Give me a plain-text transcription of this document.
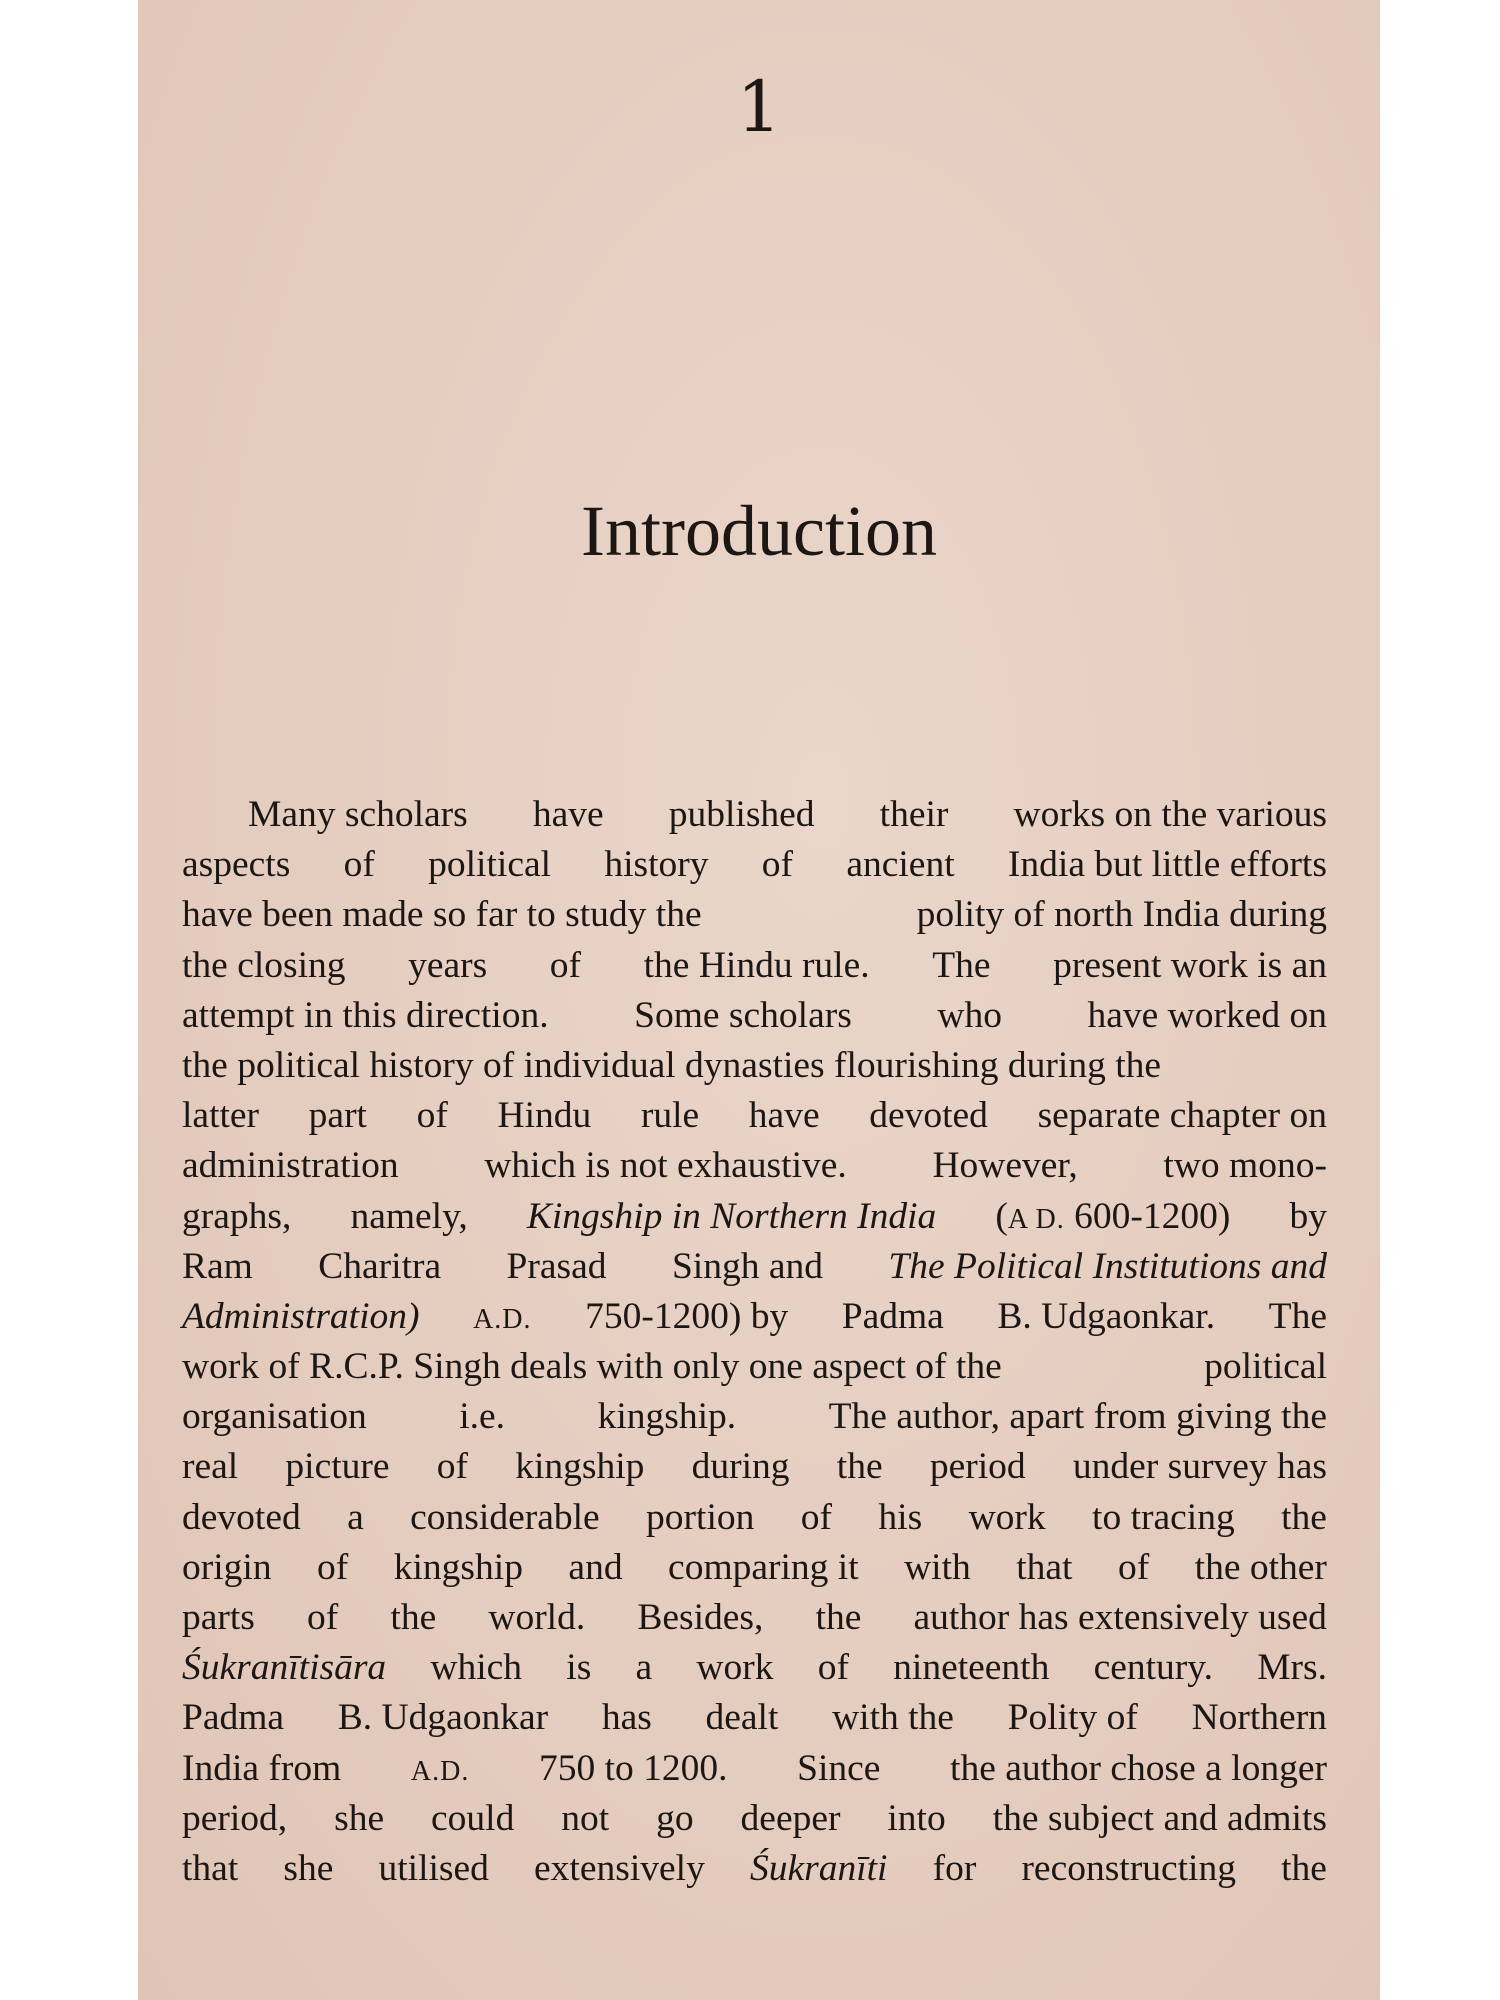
1
Introduction
Many scholars have published their works on the various
aspects of political history of ancient India but little efforts
have been made so far to study the	polity of north India during
the closing years of the Hindu rule. The present work is an
attempt in this direction. Some scholars who have worked on
the political history of individual dynasties flourishing during the
latter part of Hindu rule have devoted separate chapter on
administration which is not exhaustive. However, two mono-
graphs, namely, Kingship in Northern India (A D. 600-1200) by
Ram Charitra Prasad Singh and The Political Institutions and
Administration) A.D. 750-1200) by Padma B. Udgaonkar. The
work of R.C.P. Singh deals with only one aspect of the	political
organisation i.e. kingship. The author, apart from giving the
real picture of kingship during the period under survey has
devoted a considerable portion of his work to tracing the
origin of kingship and comparing it with that of the other
parts of the world. Besides, the author has extensively used
Śukranītisāra which is a work of nineteenth century. Mrs.
Padma B. Udgaonkar has dealt with the Polity of Northern
India from A.D. 750 to 1200. Since the author chose a longer
period, she could not go deeper into the subject and admits
that she utilised extensively Śukranīti for reconstructing the
